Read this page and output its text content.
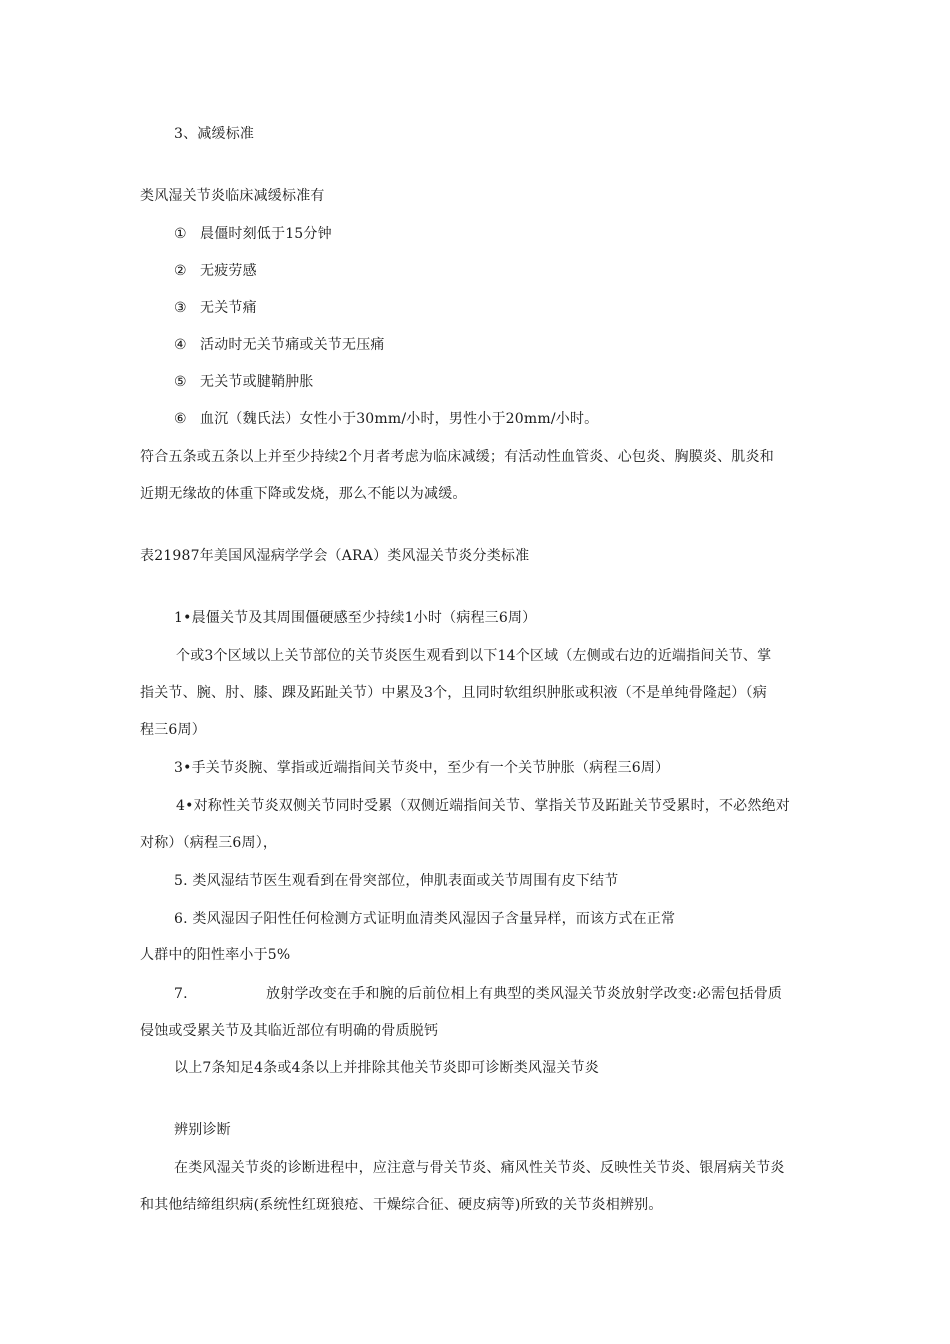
3、减缓标准
类风湿关节炎临床减缓标准有
① 晨僵时刻低于15分钟
② 无疲劳感
③ 无关节痛
④ 活动时无关节痛或关节无压痛
⑤ 无关节或腱鞘肿胀
⑥ 血沉（魏氏法）女性小于30mm/小时，男性小于20mm/小时。
符合五条或五条以上并至少持续2个月者考虑为临床减缓；有活动性血管炎、心包炎、胸膜炎、肌炎和
近期无缘故的体重下降或发烧，那么不能以为减缓。
表21987年美国风湿病学学会（ARA）类风湿关节炎分类标准
1•晨僵关节及其周围僵硬感至少持续1小时（病程三6周）
个或3个区域以上关节部位的关节炎医生观看到以下14个区域（左侧或右边的近端指间关节、掌
指关节、腕、肘、膝、踝及跖趾关节）中累及3个，且同时软组织肿胀或积液（不是单纯骨隆起）（病
程三6周）
3•手关节炎腕、掌指或近端指间关节炎中，至少有一个关节肿胀（病程三6周）
4•对称性关节炎双侧关节同时受累（双侧近端指间关节、掌指关节及跖趾关节受累时，不必然绝对
对称）（病程三6周），
5. 类风湿结节医生观看到在骨突部位，伸肌表面或关节周围有皮下结节
6. 类风湿因子阳性任何检测方式证明血清类风湿因子含量异样，而该方式在正常
人群中的阳性率小于5%
7.	放射学改变在手和腕的后前位相上有典型的类风湿关节炎放射学改变:必需包括骨质
侵蚀或受累关节及其临近部位有明确的骨质脱钙
以上7条知足4条或4条以上并排除其他关节炎即可诊断类风湿关节炎
辨别诊断
在类风湿关节炎的诊断进程中，应注意与骨关节炎、痛风性关节炎、反映性关节炎、银屑病关节炎
和其他结缔组织病(系统性红斑狼疮、干燥综合征、硬皮病等)所致的关节炎相辨别。
